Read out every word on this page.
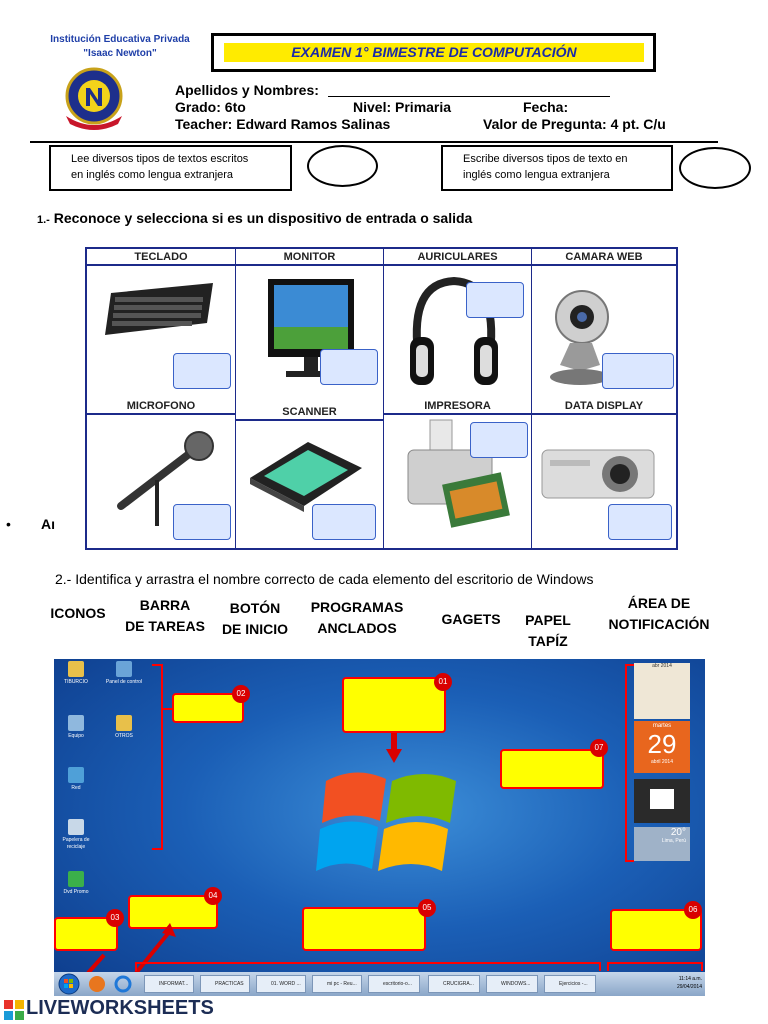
Institución Educativa Privada
"Isaac Newton"	EXAMEN 1° BIMESTRE DE COMPUTACIÓN
Apellidos y Nombres:
Grado: 6to	Nivel: Primaria	Fecha:
Teacher: Edward Ramos Salinas	Valor de Pregunta: 4 pt. C/u
Lee diversos tipos de textos escritos
en inglés como lengua extranjera
Escribe diversos tipos de texto en
inglés como lengua extranjera
1.- Reconoce y selecciona si es un dispositivo de entrada o salida
TECLADO	MONITOR	AURICULARES	CAMARA WEB
MICROFONO	SCANNER	IMPRESORA	DATA DISPLAY
• Aı
2.- Identifica y arrastra el nombre correcto de cada elemento del escritorio de Windows
ICONOS	BARRA
DE TAREAS
BOTÓN
DE INICIO
PROGRAMAS
ANCLADOS
GAGETS	PAPEL
TAPÍZ
ÁREA DE
NOTIFICACIÓN
TIBURCIO	Panel de control
Equipo	OTROS
Red
Papelera de reciclaje
Dvd Promo
02
01
07
03
04
05	06
abr 2014
martes
29
abril 2014
20°
Lima, Perú
INFORMAT...	PRACTICAS	01. WORD ...	mi pc - Reu...	escritorio-o...	CRUCIGRA...	WINDOWS...	Ejercicios -...
11:14 a.m.
29/04/2014
LIVEWORKSHEETS
